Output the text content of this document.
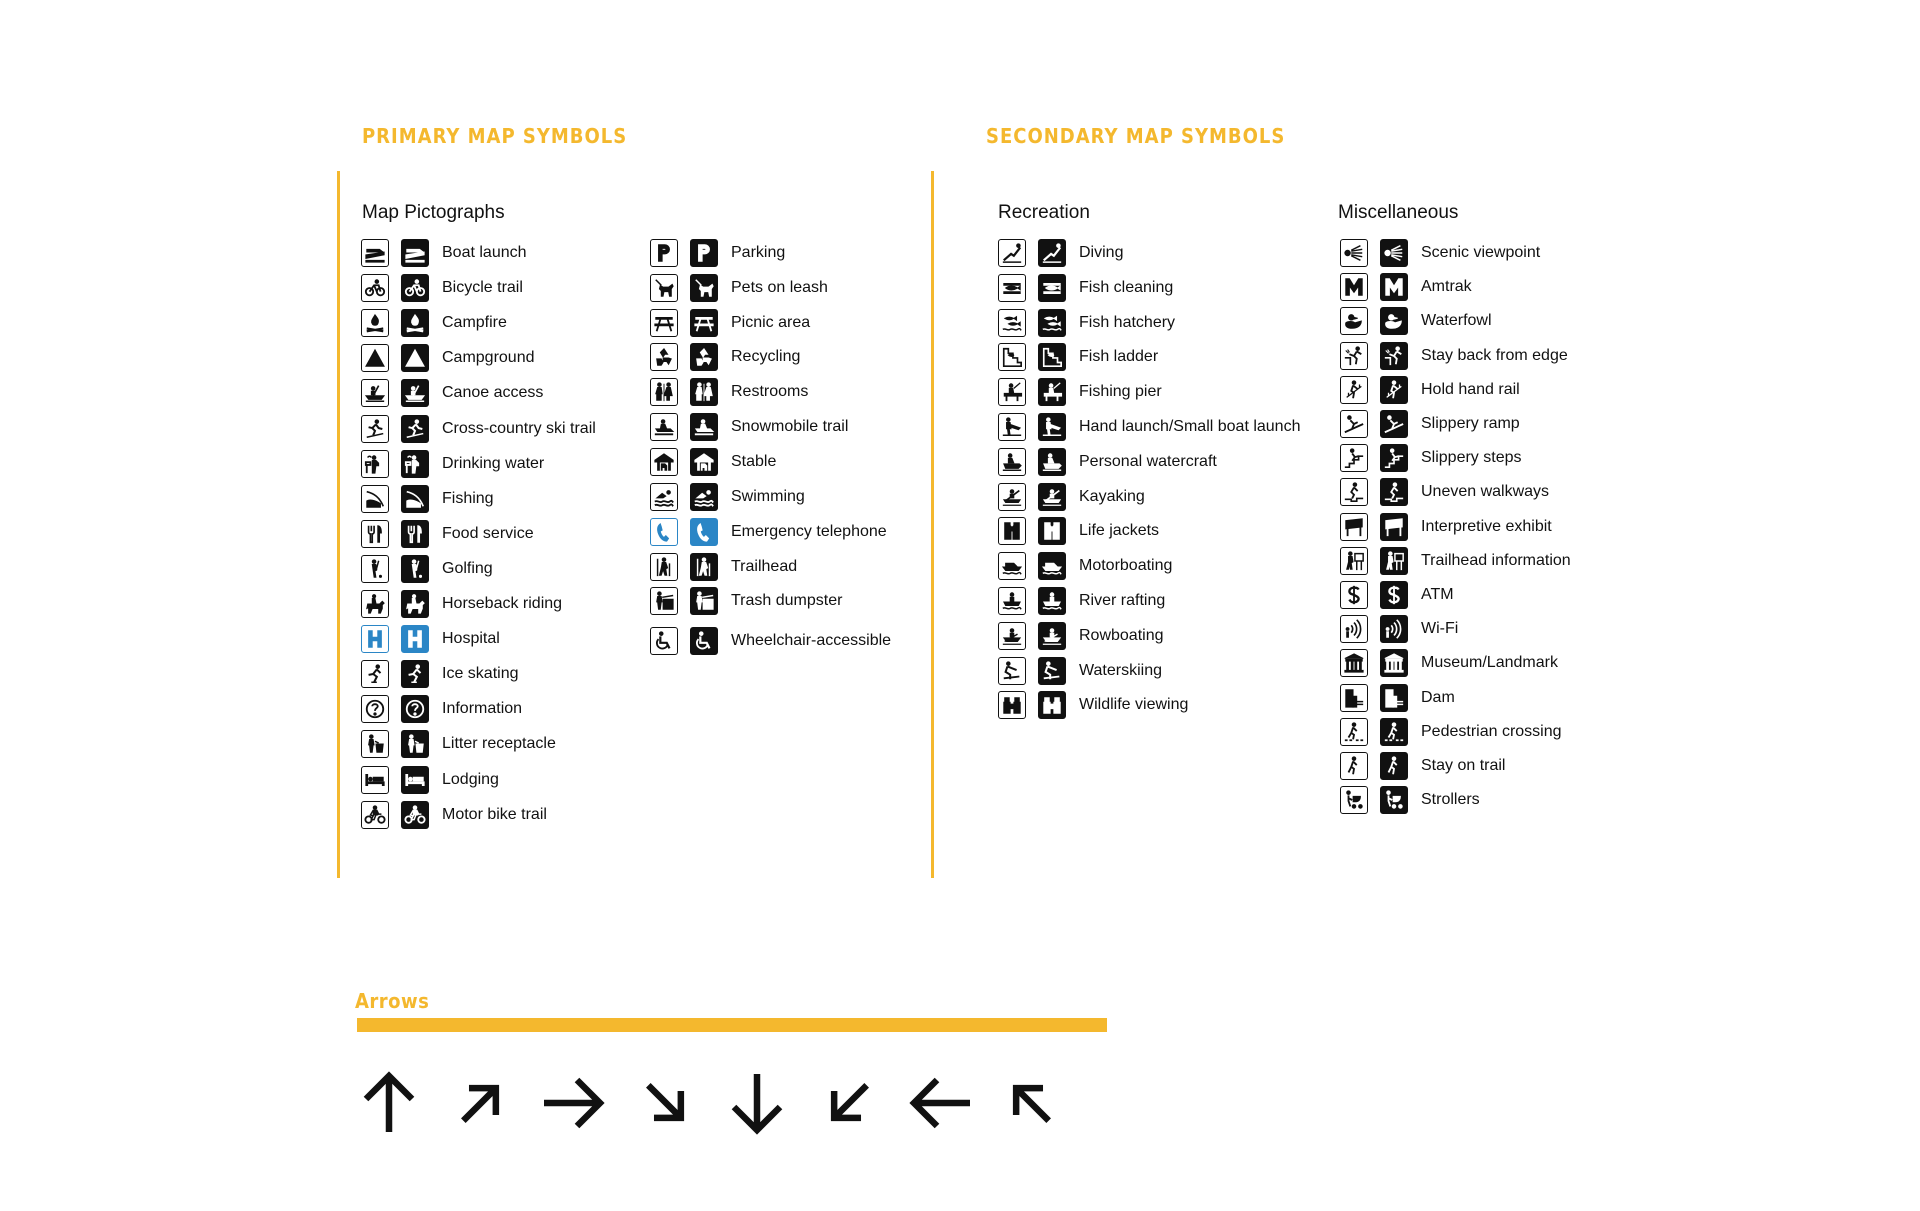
PRIMARY MAP SYMBOLS	SECONDARY MAP SYMBOLS
Map Pictographs	Recreation	Miscellaneous
Boat launch
Bicycle trail
Campfire
Campground
Canoe access
Cross-country ski trail
Drinking water
Fishing
Food service
Golfing
Horseback riding
Hospital
Ice skating
Information
Litter receptacle
Lodging
Motor bike trail
Parking
Pets on leash
Picnic area
Recycling
Restrooms
Snowmobile trail
Stable
Swimming
Emergency telephone
Trailhead
Trash dumpster
Wheelchair-accessible
Diving
Fish cleaning
Fish hatchery
Fish ladder
Fishing pier
Hand launch/Small boat launch
Personal watercraft
Kayaking
Life jackets
Motorboating
River rafting
Rowboating
Waterskiing
Wildlife viewing
Scenic viewpoint
Amtrak
Waterfowl
Stay back from edge
Hold hand rail
Slippery ramp
Slippery steps
Uneven walkways
Interpretive exhibit
Trailhead information
ATM
Wi-Fi
Museum/Landmark
Dam
Pedestrian crossing
Stay on trail
Strollers
Arrows
